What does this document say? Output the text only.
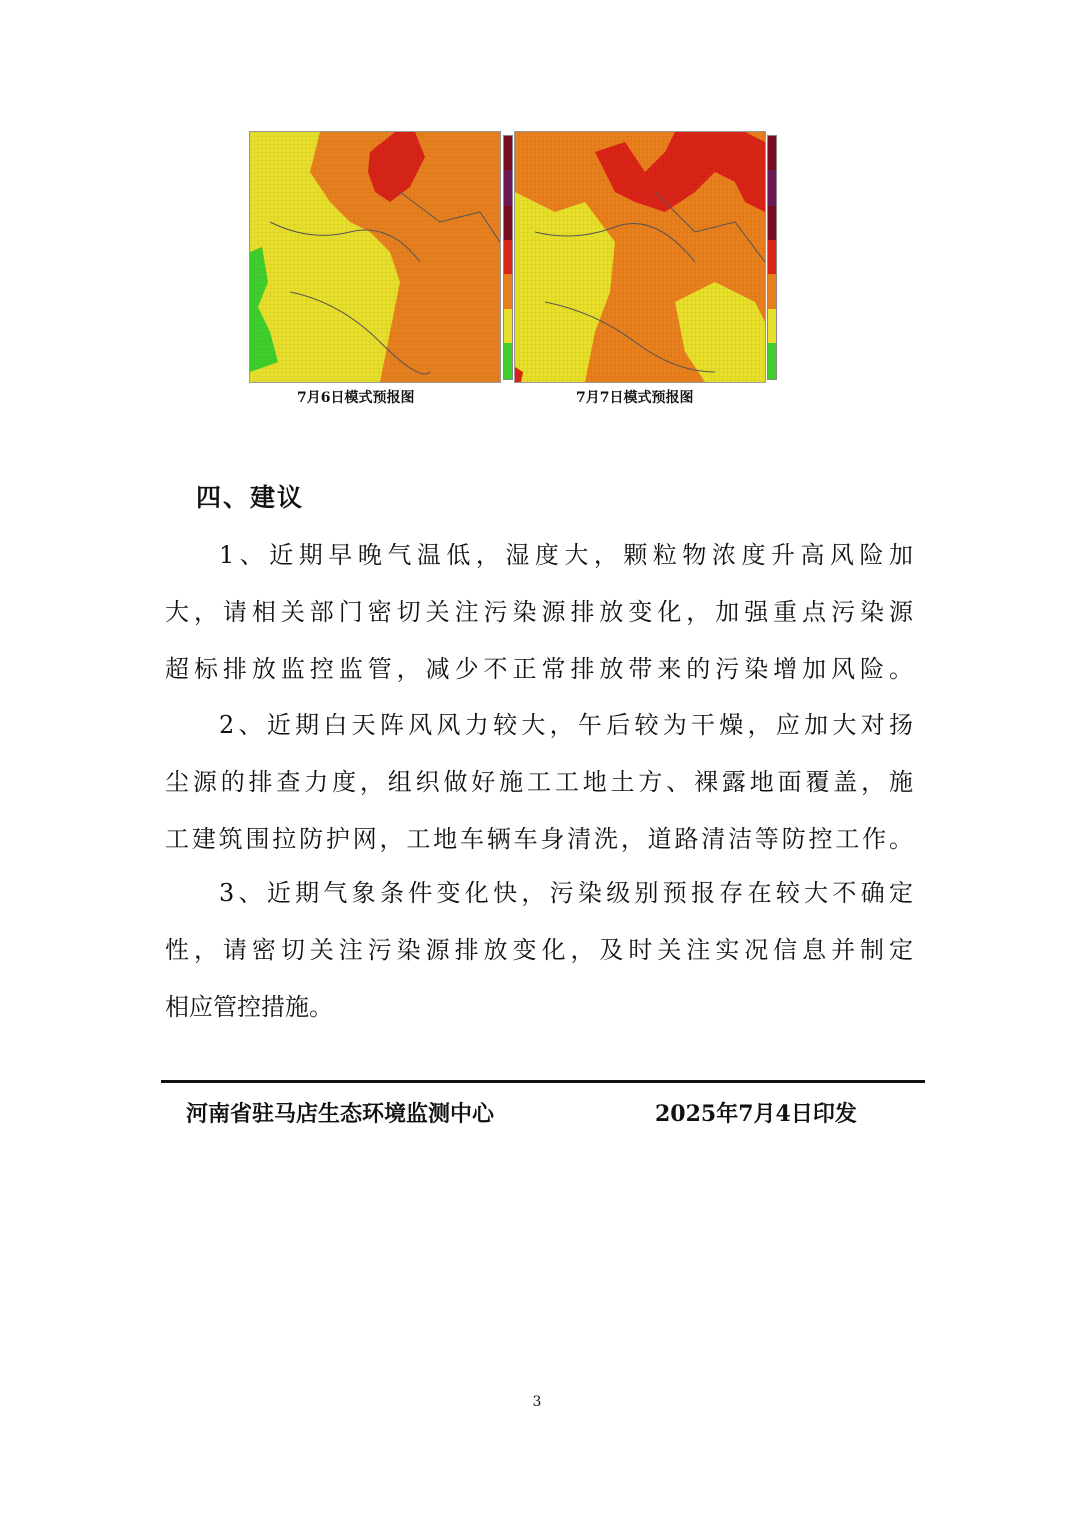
7月6日模式预报图	7月7日模式预报图
四、建议
1、近期早晚气温低，湿度大，颗粒物浓度升高风险加
大，请相关部门密切关注污染源排放变化，加强重点污染源
超标排放监控监管，减少不正常排放带来的污染增加风险。
2、近期白天阵风风力较大，午后较为干燥，应加大对扬
尘源的排查力度，组织做好施工工地土方、裸露地面覆盖，施
工建筑围拉防护网，工地车辆车身清洗，道路清洁等防控工作。
3、近期气象条件变化快，污染级别预报存在较大不确定
性，请密切关注污染源排放变化，及时关注实况信息并制定
相应管控措施。
河南省驻马店生态环境监测中心	2025年7月4日印发
3
